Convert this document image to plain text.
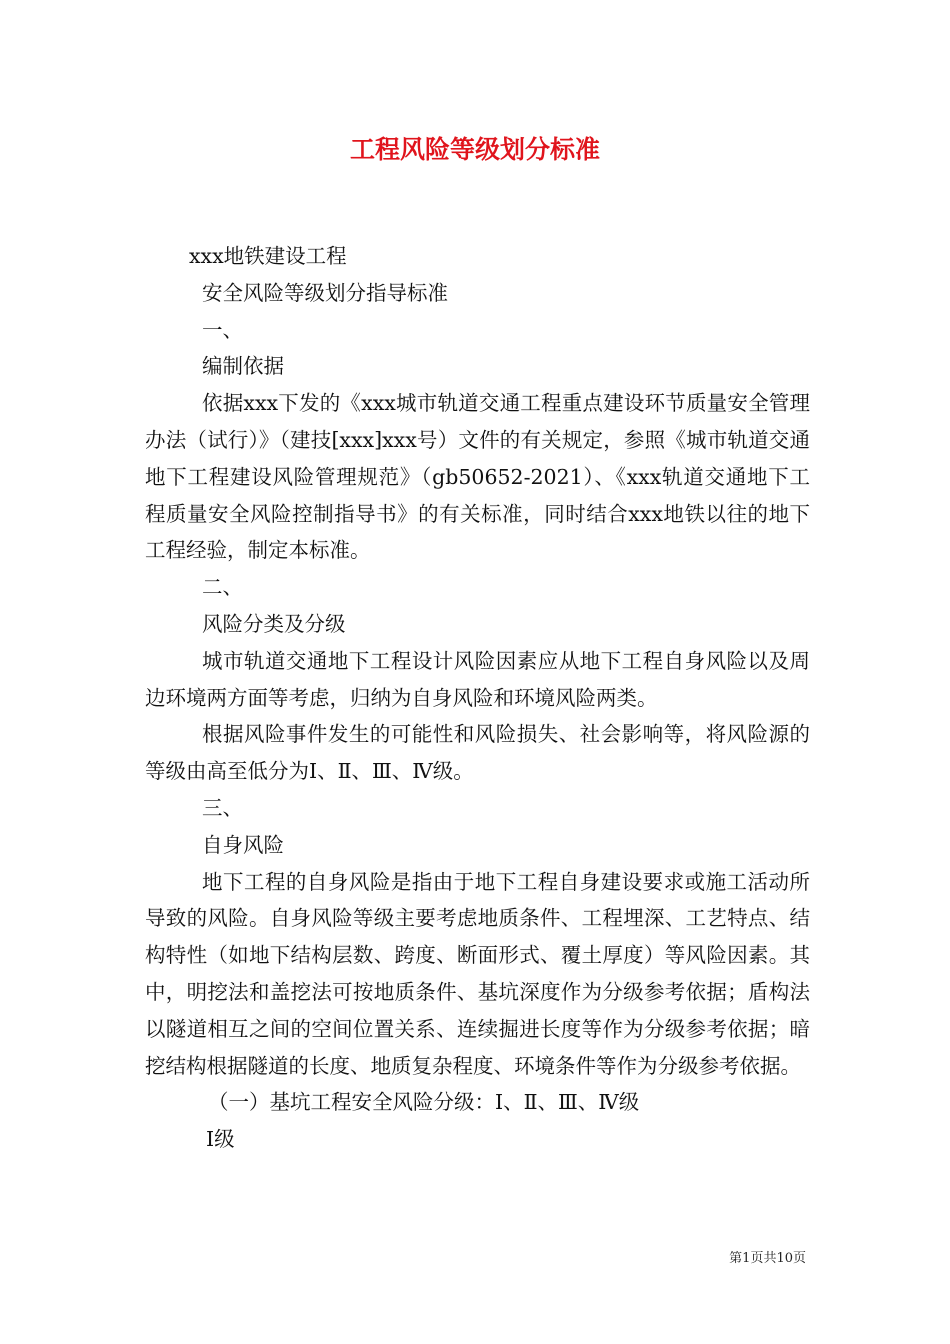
工程风险等级划分标准

xxx地铁建设工程

安全风险等级划分指导标准

一、

编制依据

依据xxx下发的《xxx城市轨道交通工程重点建设环节质量安全管理办法（试行）》（建技[xxx]xxx号）文件的有关规定，参照《城市轨道交通地下工程建设风险管理规范》（gb50652-2021）、《xxx轨道交通地下工程质量安全风险控制指导书》的有关标准，同时结合xxx地铁以往的地下工程经验，制定本标准。

二、

风险分类及分级

城市轨道交通地下工程设计风险因素应从地下工程自身风险以及周边环境两方面等考虑，归纳为自身风险和环境风险两类。

根据风险事件发生的可能性和风险损失、社会影响等，将风险源的等级由高至低分为Ⅰ、Ⅱ、Ⅲ、Ⅳ级。

三、

自身风险

地下工程的自身风险是指由于地下工程自身建设要求或施工活动所导致的风险。自身风险等级主要考虑地质条件、工程埋深、工艺特点、结构特性（如地下结构层数、跨度、断面形式、覆土厚度）等风险因素。其中，明挖法和盖挖法可按地质条件、基坑深度作为分级参考依据；盾构法以隧道相互之间的空间位置关系、连续掘进长度等作为分级参考依据；暗挖结构根据隧道的长度、地质复杂程度、环境条件等作为分级参考依据。

（一）基坑工程安全风险分级：Ⅰ、Ⅱ、Ⅲ、Ⅳ级

Ⅰ级

第1页共10页
